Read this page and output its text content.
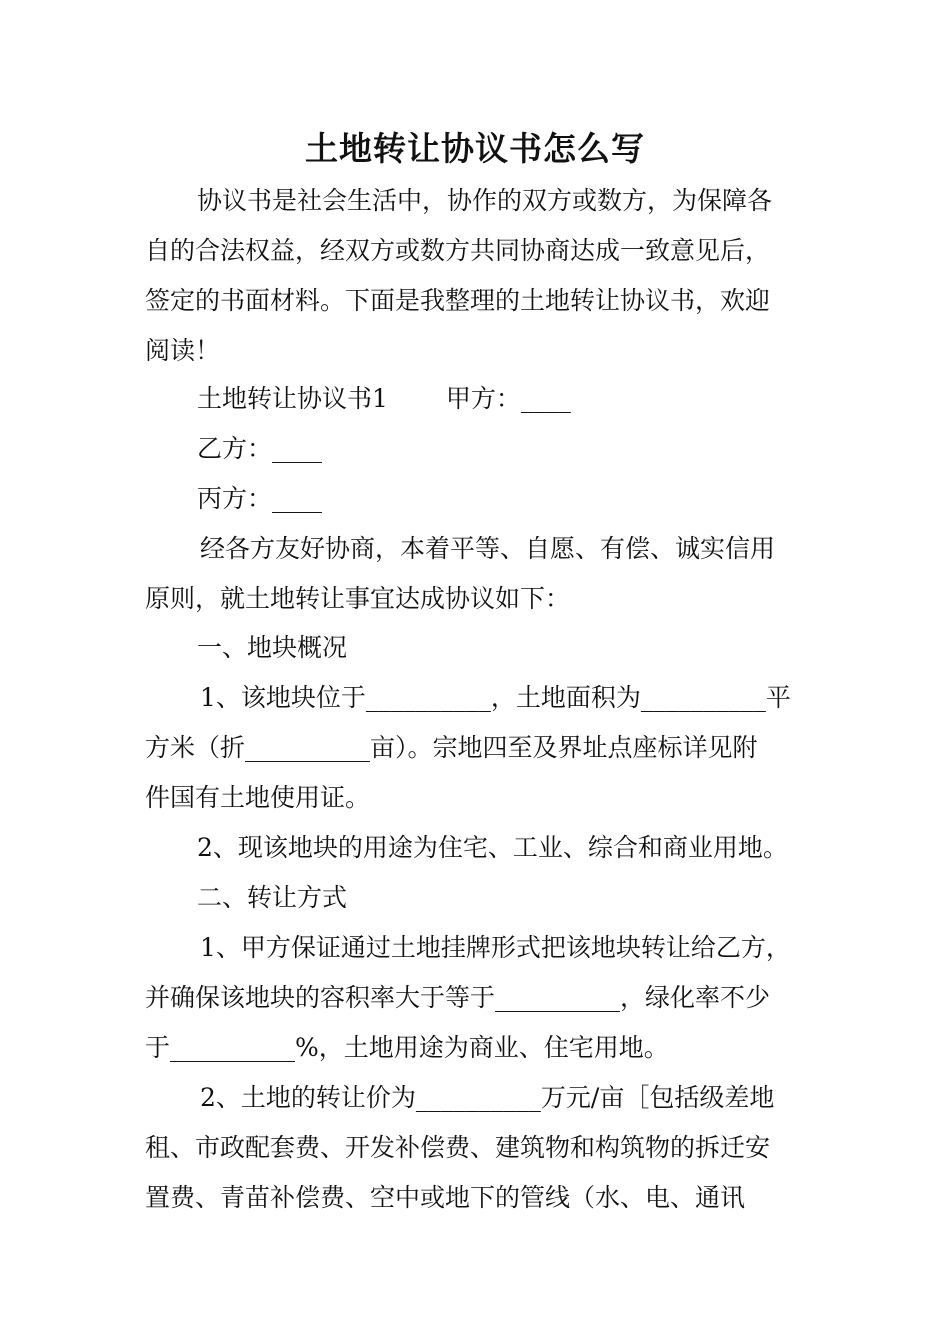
土地转让协议书怎么写
协议书是社会生活中，协作的双方或数方，为保障各
自的合法权益，经双方或数方共同协商达成一致意见后，
签定的书面材料。下面是我整理的土地转让协议书，欢迎
阅读！
土地转让协议书1　　 甲方：____
乙方：____
丙方：____
经各方友好协商，本着平等、自愿、有偿、诚实信用
原则，就土地转让事宜达成协议如下：
一、地块概况
1、该地块位于__________，土地面积为__________平
方米（折__________亩）。宗地四至及界址点座标详见附
件国有土地使用证。
2、现该地块的用途为住宅、工业、综合和商业用地。
二、转让方式
1、甲方保证通过土地挂牌形式把该地块转让给乙方，
并确保该地块的容积率大于等于__________，绿化率不少
于__________%，土地用途为商业、住宅用地。
2、土地的转让价为__________万元/亩［包括级差地
租、市政配套费、开发补偿费、建筑物和构筑物的拆迁安
置费、青苗补偿费、空中或地下的管线（水、电、通讯
